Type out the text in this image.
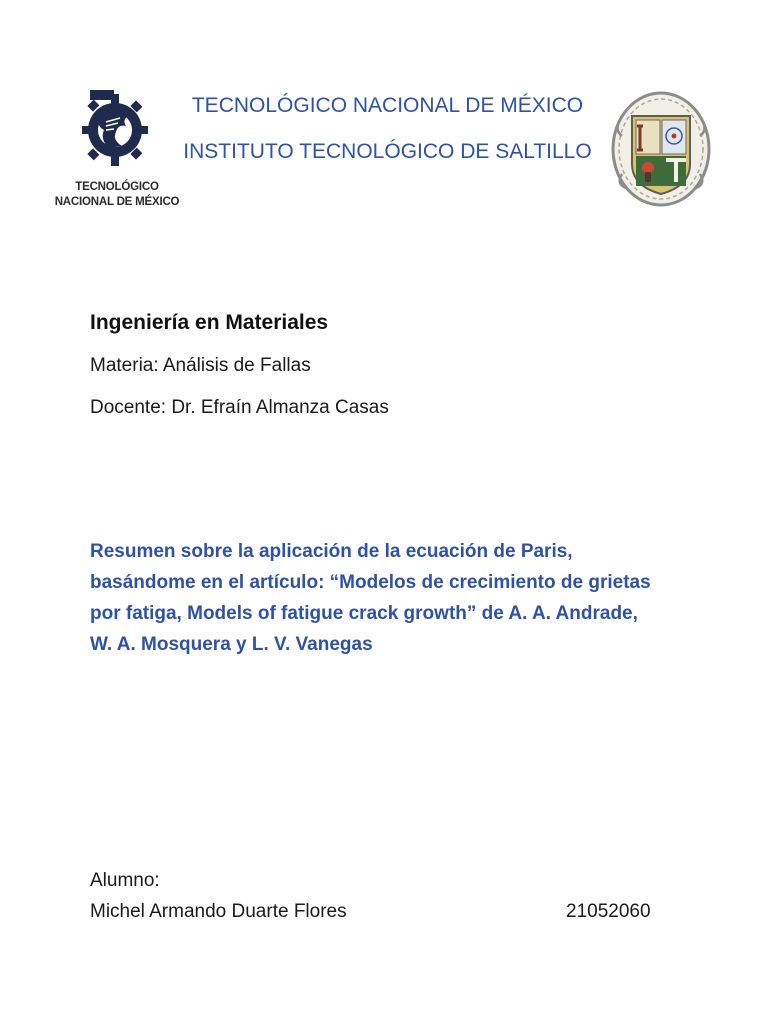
TECNOLÓGICO
NACIONAL DE MÉXICO
TECNOLÓGICO NACIONAL DE MÉXICO
INSTITUTO TECNOLÓGICO DE SALTILLO
Ingeniería en Materiales
Materia: Análisis de Fallas
Docente: Dr. Efraín Almanza Casas
Resumen sobre la aplicación de la ecuación de Paris,
basándome en el artículo: “Modelos de crecimiento de grietas
por fatiga, Models of fatigue crack growth” de A. A. Andrade,
W. A. Mosquera y L. V. Vanegas
Alumno:
Michel Armando Duarte Flores	21052060
